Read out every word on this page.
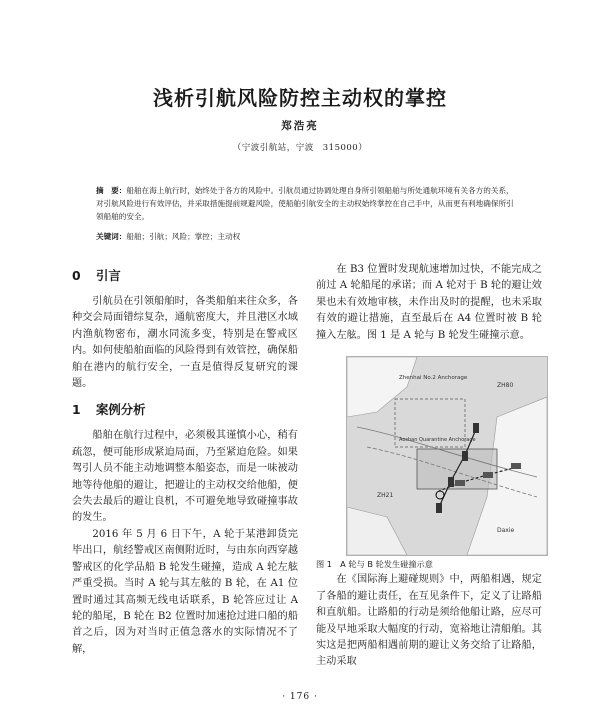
浅析引航风险防控主动权的掌控
郑浩亮
（宁波引航站，宁波　315000）
摘　要：船舶在海上航行时，始终处于各方的风险中。引航员通过协调处理自身所引领船舶与所处通航环境有关各方的关系，对引航风险进行有效评估，并采取措施提前规避风险，使船舶引航安全的主动权始终掌控在自己手中，从而更有利地确保所引领船舶的安全。
关键词：船舶；引航；风险；掌控；主动权
0 引言

引航员在引领船舶时，各类船舶来往众多，各种交会局面错综复杂，通航密度大，并且港区水域内渔航物密布，潮水同流多变，特别是在警戒区内。如何使船舶面临的风险得到有效管控，确保船舶在港内的航行安全，一直是值得反复研究的课题。

1 案例分析

船舶在航行过程中，必须极其谨慎小心，稍有疏忽，便可能形成紧迫局面，乃至紧迫危险。如果驾引人员不能主动地调整本船姿态，而是一味被动地等待他船的避让，把避让的主动权交给他船，便会失去最后的避让良机，不可避免地导致碰撞事故的发生。

2016 年 5 月 6 日下午，A 轮于某港卸货完毕出口，航经警戒区南侧附近时，与由东向西穿越警戒区的化学品船 B 轮发生碰撞，造成 A 轮左舷严重受损。当时 A 轮与其左舷的 B 轮，在 A1 位置时通过其高频无线电话联系，B 轮答应过让 A 轮的船尾，B 轮在 B2 位置时加速抢过进口船的船首之后，因为对当时正值急落水的实际情况不了解，

在 B3 位置时发现航速增加过快，不能完成之前过 A 轮船尾的承诺；而 A 轮对于 B 轮的避让效果也未有效地审核，未作出及时的提醒，也未采取有效的避让措施，直至最后在 A4 位置时被 B 轮撞入左舷。图 1 是 A 轮与 B 轮发生碰撞示意。

Zhenhai No.2 Anchorage
Aoshan Quarantine Anchorage
ZH80
ZH21
Daxie

图 1　A 轮与 B 轮发生碰撞示意

在《国际海上避碰规则》中，两船相遇，规定了各船的避让责任，在互见条件下，定义了让路船和直航船。让路船的行动是须给他船让路，应尽可能及早地采取大幅度的行动，宽裕地让清船舶。其实这是把两船相遇前期的避让义务交给了让路船，主动采取

· 176 ·
